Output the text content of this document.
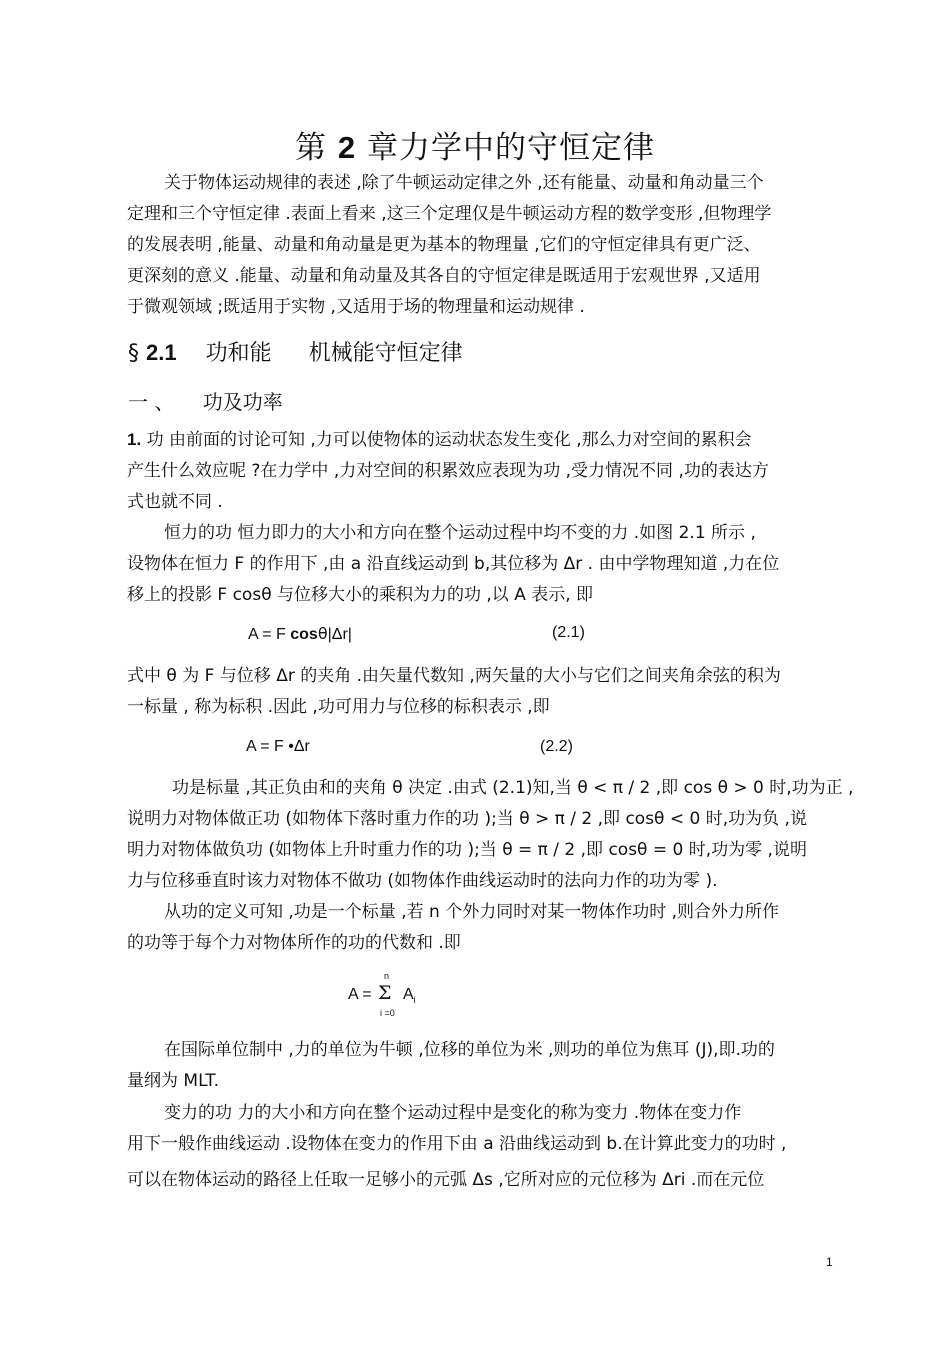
第 2 章力学中的守恒定律
关于物体运动规律的表述 ,除了牛顿运动定律之外 ,还有能量、动量和角动量三个
定理和三个守恒定律 .表面上看来 ,这三个定理仅是牛顿运动方程的数学变形 ,但物理学
的发展表明 ,能量、动量和角动量是更为基本的物理量 ,它们的守恒定律具有更广泛、
更深刻的意义 .能量、动量和角动量及其各自的守恒定律是既适用于宏观世界 ,又适用
于微观领域 ;既适用于实物 ,又适用于场的物理量和运动规律 .
§ 2.1 功和能 机械能守恒定律
一 、 功及功率
1. 功 由前面的讨论可知 ,力可以使物体的运动状态发生变化 ,那么力对空间的累积会
产生什么效应呢 ?在力学中 ,力对空间的积累效应表现为功 ,受力情况不同 ,功的表达方
式也就不同 .
恒力的功 恒力即力的大小和方向在整个运动过程中均不变的力 .如图 2.1 所示 ,
设物体在恒力 F 的作用下 ,由 a 沿直线运动到 b,其位移为 Δr . 由中学物理知道 ,力在位
移上的投影 F cosθ 与位移大小的乘积为力的功 ,以 A 表示, 即
A = F cosθ|Δr|	(2.1)
式中 θ 为 F 与位移 Δr 的夹角 .由矢量代数知 ,两矢量的大小与它们之间夹角余弦的积为
一标量 , 称为标积 .因此 ,功可用力与位移的标积表示 ,即
A = F •Δr	(2.2)
功是标量 ,其正负由和的夹角 θ 决定 .由式 (2.1)知,当 θ < π / 2 ,即 cos θ > 0 时,功为正 ,
说明力对物体做正功 (如物体下落时重力作的功 );当 θ > π / 2 ,即 cosθ < 0 时,功为负 ,说
明力对物体做负功 (如物体上升时重力作的功 );当 θ = π / 2 ,即 cosθ = 0 时,功为零 ,说明
力与位移垂直时该力对物体不做功 (如物体作曲线运动时的法向力作的功为零 ).
从功的定义可知 ,功是一个标量 ,若 n 个外力同时对某一物体作功时 ,则合外力所作
的功等于每个力对物体所作的功的代数和 .即
A =
n
Σ
i =0
$A_i$
在国际单位制中 ,力的单位为牛顿 ,位移的单位为米 ,则功的单位为焦耳 (J),即.功的
量纲为 MLT.
变力的功 力的大小和方向在整个运动过程中是变化的称为变力 .物体在变力作
用下一般作曲线运动 .设物体在变力的作用下由 a 沿曲线运动到 b.在计算此变力的功时 ,
可以在物体运动的路径上任取一足够小的元弧 Δs ,它所对应的元位移为 Δri .而在元位
1
